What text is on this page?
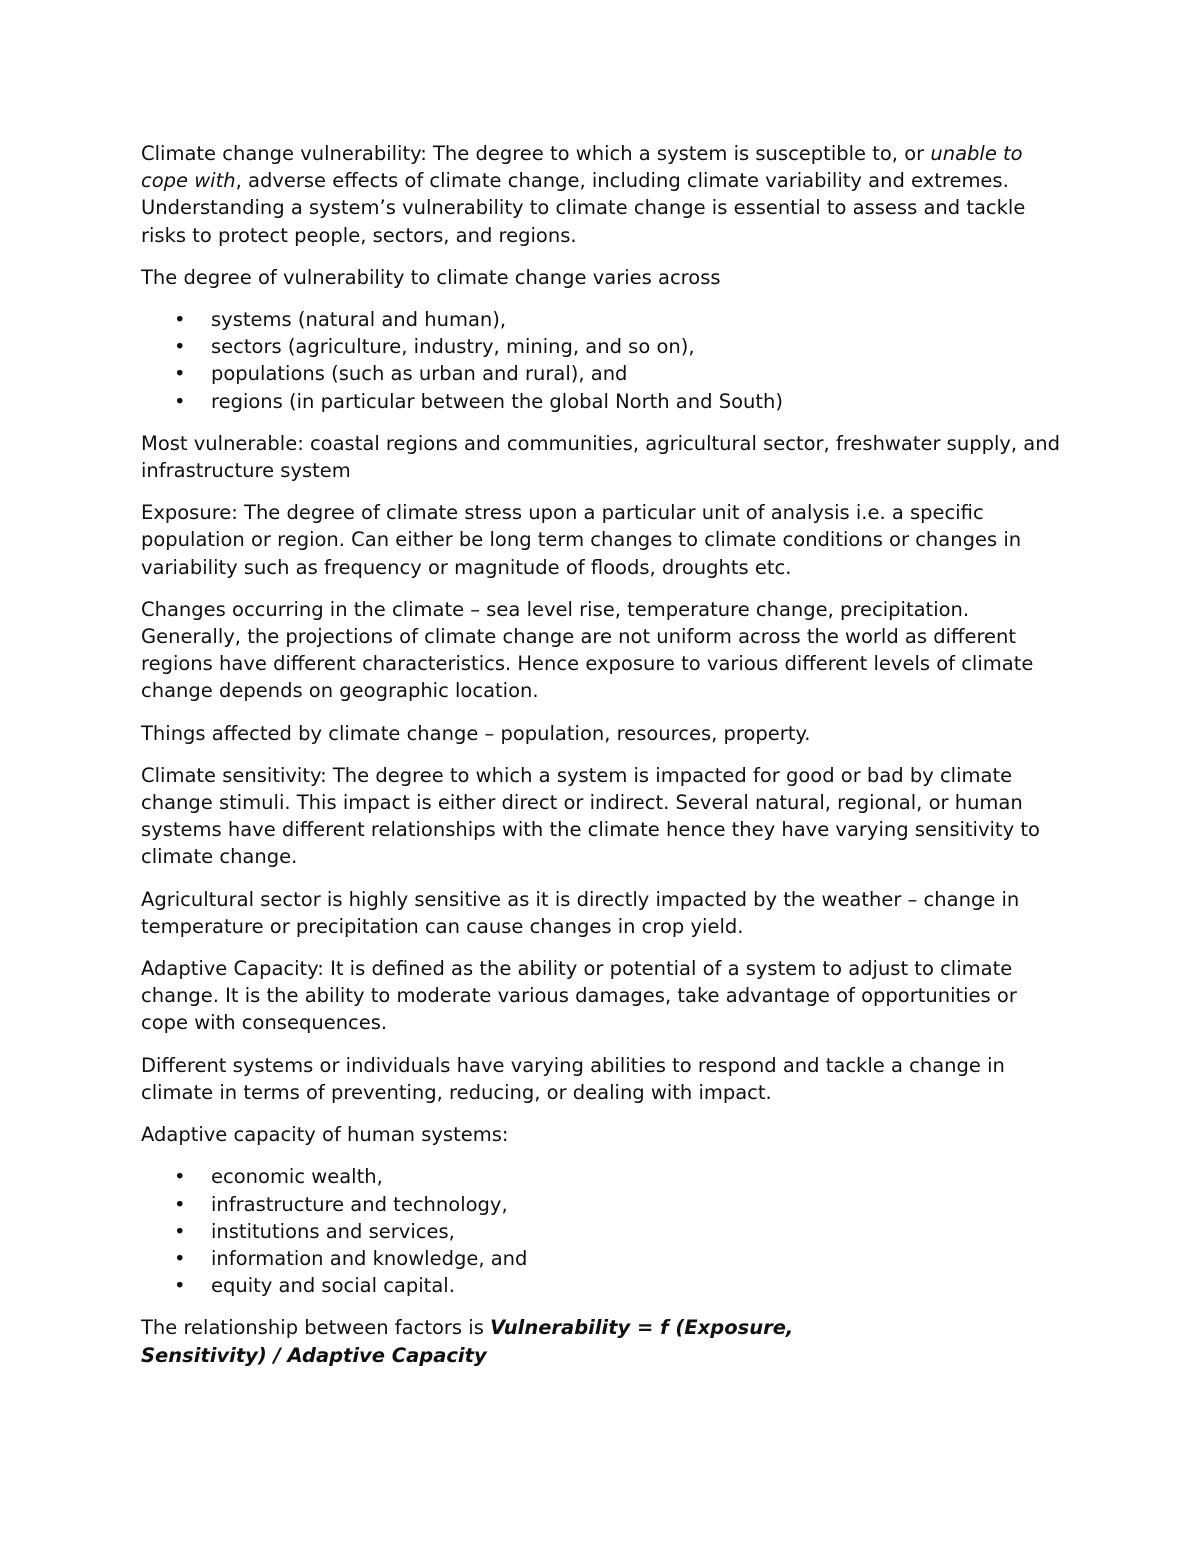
Climate change vulnerability: The degree to which a system is susceptible to, or unable to cope with, adverse effects of climate change, including climate variability and extremes. Understanding a system’s vulnerability to climate change is essential to assess and tackle risks to protect people, sectors, and regions.

The degree of vulnerability to climate change varies across

• systems (natural and human),
• sectors (agriculture, industry, mining, and so on),
• populations (such as urban and rural), and
• regions (in particular between the global North and South)

Most vulnerable: coastal regions and communities, agricultural sector, freshwater supply, and infrastructure system

Exposure: The degree of climate stress upon a particular unit of analysis i.e. a specific population or region. Can either be long term changes to climate conditions or changes in variability such as frequency or magnitude of floods, droughts etc.

Changes occurring in the climate – sea level rise, temperature change, precipitation. Generally, the projections of climate change are not uniform across the world as different regions have different characteristics. Hence exposure to various different levels of climate change depends on geographic location.

Things affected by climate change – population, resources, property.

Climate sensitivity: The degree to which a system is impacted for good or bad by climate change stimuli. This impact is either direct or indirect. Several natural, regional, or human systems have different relationships with the climate hence they have varying sensitivity to climate change.

Agricultural sector is highly sensitive as it is directly impacted by the weather – change in temperature or precipitation can cause changes in crop yield.

Adaptive Capacity: It is defined as the ability or potential of a system to adjust to climate change. It is the ability to moderate various damages, take advantage of opportunities or cope with consequences.

Different systems or individuals have varying abilities to respond and tackle a change in climate in terms of preventing, reducing, or dealing with impact.

Adaptive capacity of human systems:

• economic wealth,
• infrastructure and technology,
• institutions and services,
• information and knowledge, and
• equity and social capital.

The relationship between factors is Vulnerability = f (Exposure,
Sensitivity) / Adaptive Capacity
